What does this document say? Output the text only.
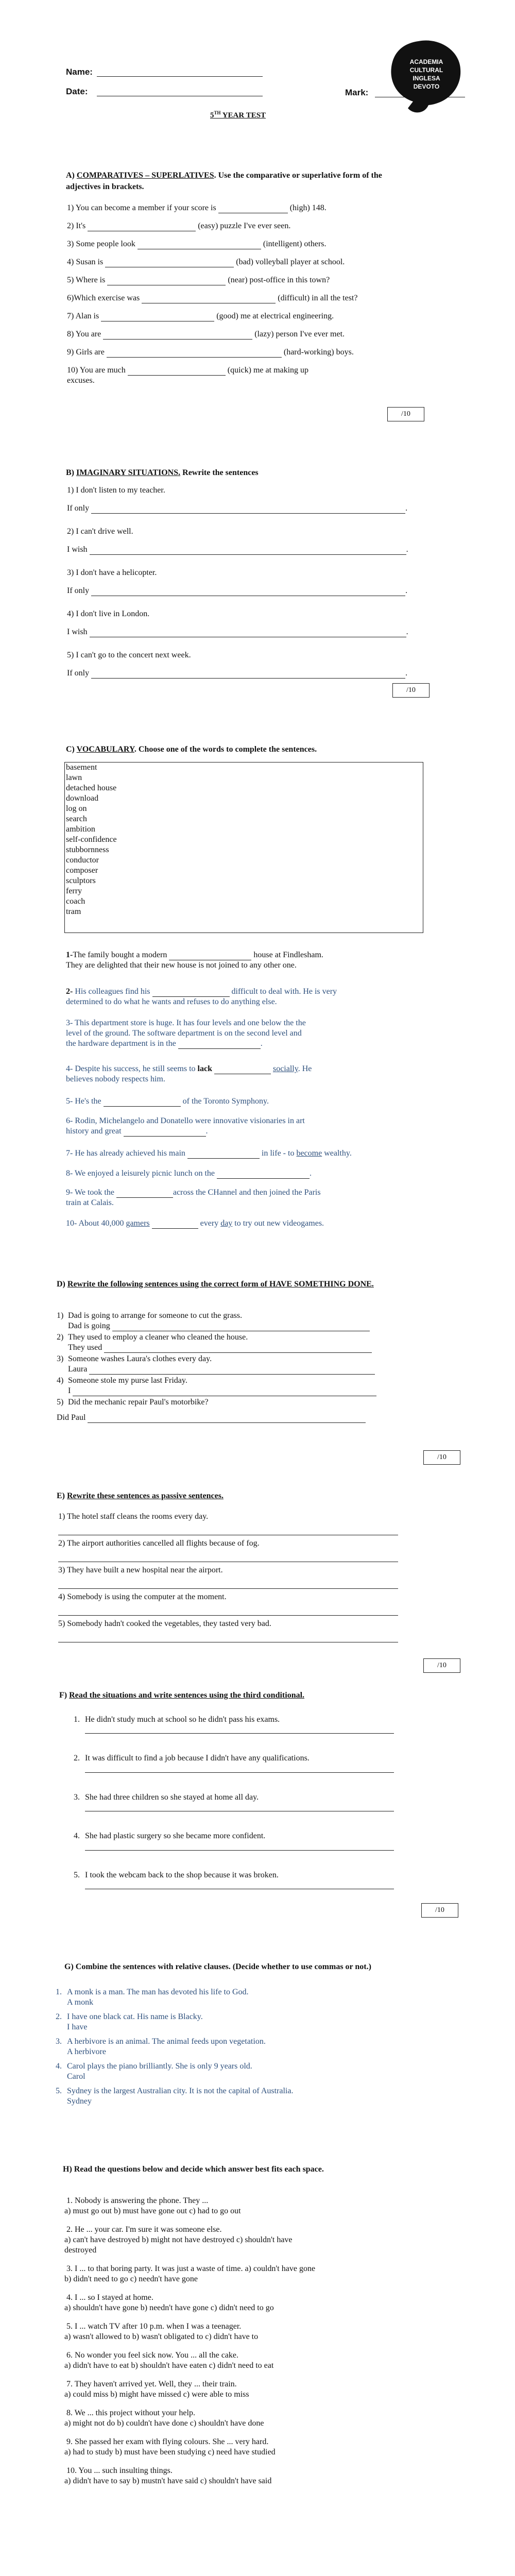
Name:
Date:	Mark:
5TH YEAR TEST
ACADEMIA
CULTURAL
INGLESA
DEVOTO
A) COMPARATIVES – SUPERLATIVES. Use the comparative or superlative form of the adjectives in brackets.
1) You can become a member if your score is	(high) 148.
2) It's	(easy) puzzle I've ever seen.
3) Some people look	(intelligent) others.
4) Susan is	(bad) volleyball player at school.
5) Where is	(near) post-office in this town?
6)Which exercise was	(difficult) in all the test?
7) Alan is	(good) me at electrical engineering.
8) You are	(lazy) person I've ever met.
9) Girls are	(hard-working) boys.
10) You are much	(quick) me at making up
excuses.
/10
B) IMAGINARY SITUATIONS. Rewrite the sentences
1) I don't listen to my teacher.
If only	.
2) I can't drive well.
I wish	.
3) I don't have a helicopter.
If only	.
4) I don't live in London.
I wish	.
5) I can't go to the concert next week.
If only	.
/10
C) VOCABULARY. Choose one of the words to complete the sentences.
basement
lawn
detached house
download
log on
search
ambition
self-confidence
stubbornness
conductor
composer
sculptors
ferry
coach
tram
1-The family bought a modern	house at Findlesham.
They are delighted that their new house is not joined to any other one.
2- His colleagues find his	difficult to deal with. He is very
determined to do what he wants and refuses to do anything else.
3- This department store is huge. It has four levels and one below the the
level of the ground. The software department is on the second level and
the hardware department is in the	.
4- Despite his success, he still seems to lack	socially. He
believes nobody respects him.
5- He's the	of the Toronto Symphony.
6- Rodin, Michelangelo and Donatello were innovative visionaries in art
history and great	.
7- He has already achieved his main	in life - to become wealthy.
8- We enjoyed a leisurely picnic lunch on the	.
9- We took the	across the CHannel and then joined the Paris
train at Calais.
10- About 40,000 gamers	every day to try out new videogames.
D) Rewrite the following sentences using the correct form of HAVE SOMETHING DONE.
1) Dad is going to arrange for someone to cut the grass.
Dad is going
2) They used to employ a cleaner who cleaned the house.
They used
3) Someone washes Laura's clothes every day.
Laura
4) Someone stole my purse last Friday.
I
5) Did the mechanic repair Paul's motorbike?
Did Paul
/10
E) Rewrite these sentences as passive sentences.
1) The hotel staff cleans the rooms every day.
2) The airport authorities cancelled all flights because of fog.
3) They have built a new hospital near the airport.
4) Somebody is using the computer at the moment.
5) Somebody hadn't cooked the vegetables, they tasted very bad.
/10
F) Read the situations and write sentences using the third conditional.
1. He didn't study much at school so he didn't pass his exams.
2. It was difficult to find a job because I didn't have any qualifications.
3. She had three children so she stayed at home all day.
4. She had plastic surgery so she became more confident.
5. I took the webcam back to the shop because it was broken.
/10
G) Combine the sentences with relative clauses. (Decide whether to use commas or not.)
1. A monk is a man. The man has devoted his life to God.
A monk
2. I have one black cat. His name is Blacky.
I have
3. A herbivore is an animal. The animal feeds upon vegetation.
A herbivore
4. Carol plays the piano brilliantly. She is only 9 years old.
Carol
5. Sydney is the largest Australian city. It is not the capital of Australia.
Sydney
H) Read the questions below and decide which answer best fits each space.
1. Nobody is answering the phone. They ...
a) must go out b) must have gone out c) had to go out
2. He ... your car. I'm sure it was someone else.
a) can't have destroyed b) might not have destroyed c) shouldn't have
destroyed
3. I ... to that boring party. It was just a waste of time. a) couldn't have gone
b) didn't need to go c) needn't have gone
4. I ... so I stayed at home.
a) shouldn't have gone b) needn't have gone c) didn't need to go
5. I ... watch TV after 10 p.m. when I was a teenager.
a) wasn't allowed to b) wasn't obligated to c) didn't have to
6. No wonder you feel sick now. You ... all the cake.
a) didn't have to eat b) shouldn't have eaten c) didn't need to eat
7. They haven't arrived yet. Well, they ... their train.
a) could miss b) might have missed c) were able to miss
8. We ... this project without your help.
a) might not do b) couldn't have done c) shouldn't have done
9. She passed her exam with flying colours. She ... very hard.
a) had to study b) must have been studying c) need have studied
10. You ... such insulting things.
a) didn't have to say b) mustn't have said c) shouldn't have said
